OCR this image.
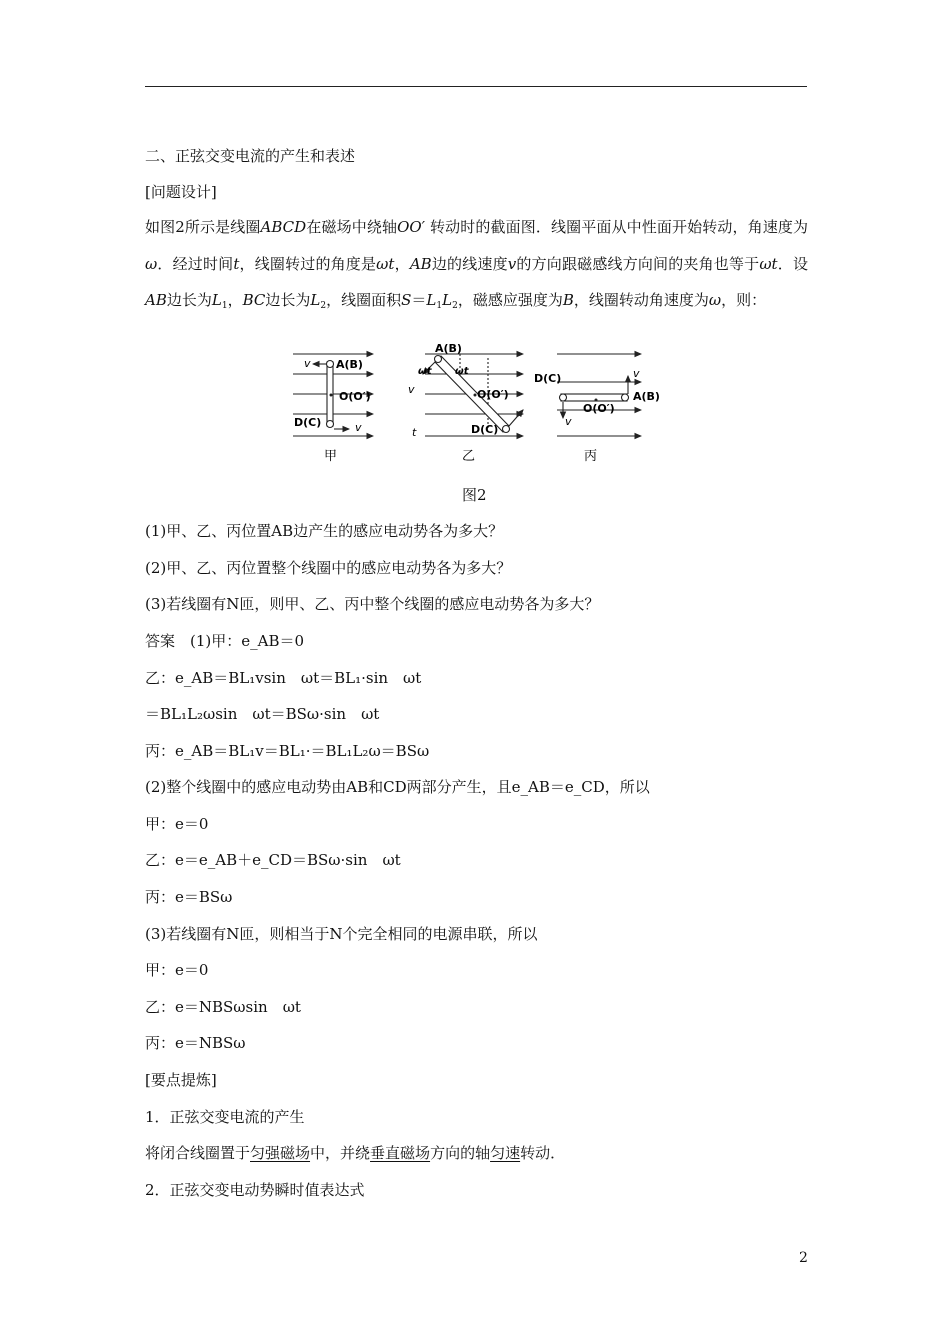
二、正弦交变电流的产生和表述
[问题设计]
如图2所示是线圈ABCD在磁场中绕轴OO′ 转动时的截面图．线圈平面从中性面开始转动，角速度为ω．经过时间t，线圈转过的角度是ωt，AB边的线速度v的方向跟磁感线方向间的夹角也等于ωt．设AB边长为$L_1$，BC边长为$L_2$，线圈面积$S=L_1L_2$，磁感应强度为B，线圈转动角速度为ω，则：
v A(B)
O(O′)
D(C)	v
甲
A(B)
ωt ωt
v	O(O′)
t	D(C)
乙
D(C)	v
A(B)
O(O′)
v
丙
图2
(1)甲、乙、丙位置AB边产生的感应电动势各为多大？
(2)甲、乙、丙位置整个线圈中的感应电动势各为多大？
(3)若线圈有N匝，则甲、乙、丙中整个线圈的感应电动势各为多大？
答案　(1)甲：e_AB＝0
乙：e_AB＝BL₁vsin　ωt＝BL₁·sin　ωt
＝BL₁L₂ωsin　ωt＝BSω·sin　ωt
丙：e_AB＝BL₁v＝BL₁·＝BL₁L₂ω＝BSω
(2)整个线圈中的感应电动势由AB和CD两部分产生，且e_AB＝e_CD，所以
甲：e＝0
乙：e＝e_AB＋e_CD＝BSω·sin　ωt
丙：e＝BSω
(3)若线圈有N匝，则相当于N个完全相同的电源串联，所以
甲：e＝0
乙：e＝NBSωsin　ωt
丙：e＝NBSω
[要点提炼]
1．正弦交变电流的产生
将闭合线圈置于匀强磁场中，并绕垂直磁场方向的轴匀速转动．
2．正弦交变电动势瞬时值表达式
2
